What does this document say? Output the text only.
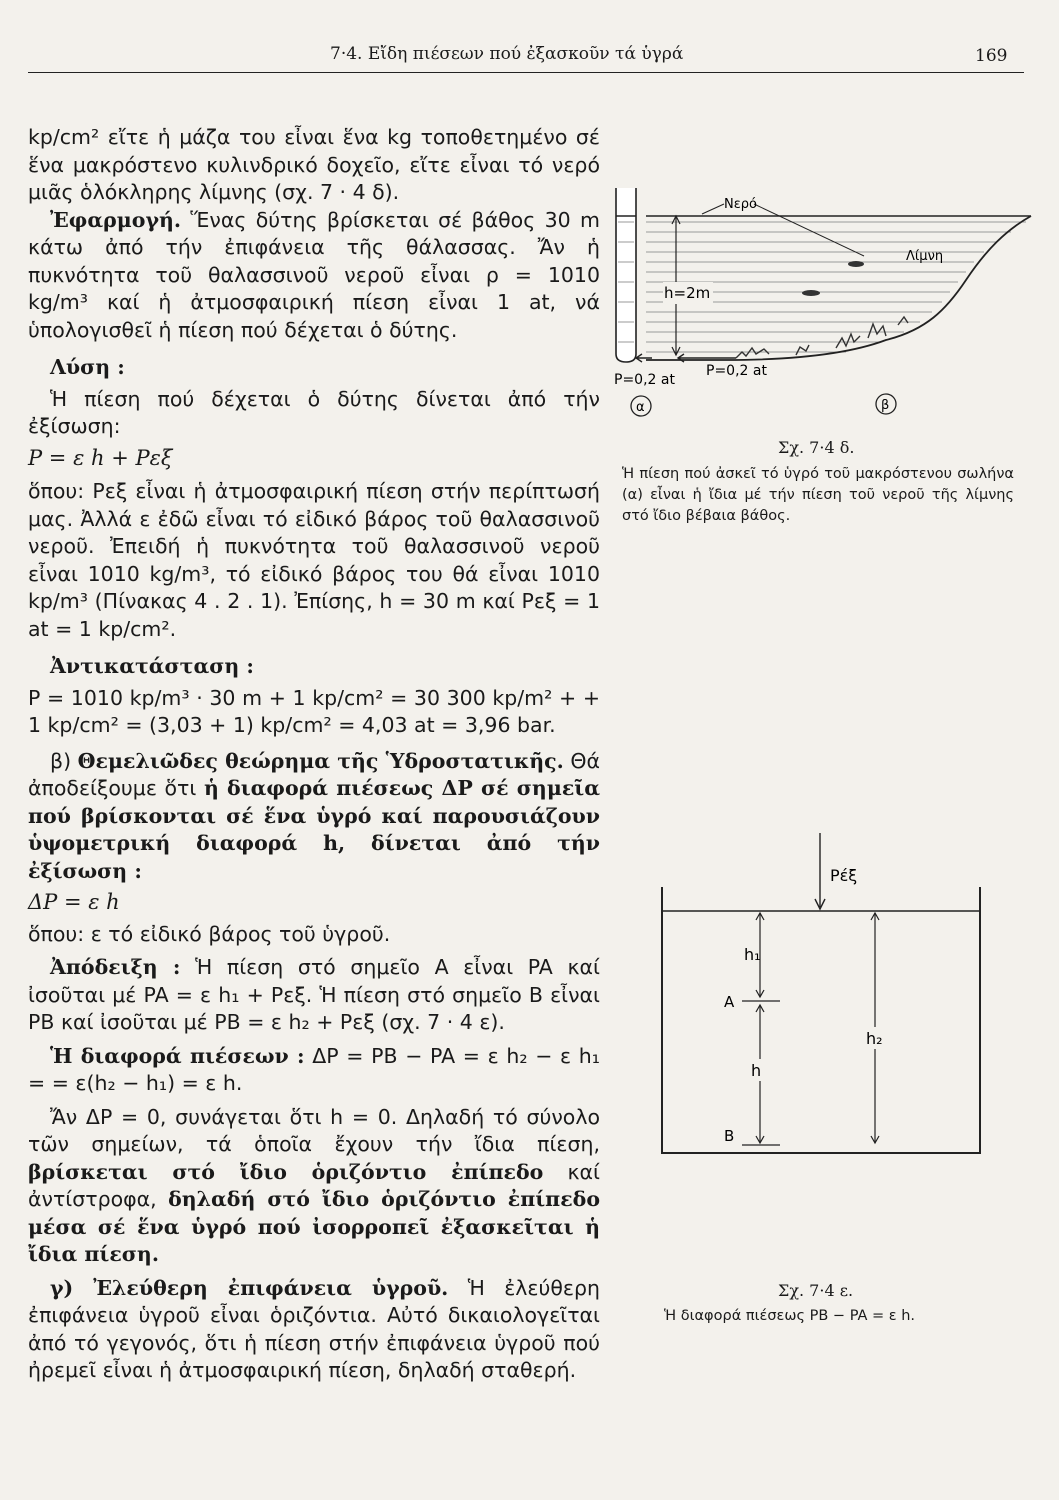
7·4. Εἴδη πιέσεων πού ἐξασκοῦν τά ὑγρά	169

kp/cm² εἴτε ἡ μάζα του εἶναι ἕνα kg τοποθετημένο σέ ἕνα μακρόστενο κυλινδρικό δοχεῖο, εἴτε εἶναι τό νερό μιᾶς ὁλόκληρης λίμνης (σχ. 7 · 4 δ).

Ἐφαρμογή. Ἕνας δύτης βρίσκεται σέ βάθος 30 m κάτω ἀπό τήν ἐπιφάνεια τῆς θάλασσας. Ἄν ἡ πυκνότητα τοῦ θαλασσινοῦ νεροῦ εἶναι ρ = 1010 kg/m³ καί ἡ ἀτμοσφαιρική πίεση εἶναι 1 at, νά ὑπολογισθεῖ ἡ πίεση πού δέχεται ὁ δύτης.

Λύση :

Ἡ πίεση πού δέχεται ὁ δύτης δίνεται ἀπό τήν ἐξίσωση:

P = ε h + Pεξ

ὅπου: Pεξ εἶναι ἡ ἀτμοσφαιρική πίεση στήν περίπτωσή μας. Ἀλλά ε ἐδῶ εἶναι τό εἰδικό βάρος τοῦ θαλασσινοῦ νεροῦ. Ἐπειδή ἡ πυκνότητα τοῦ θαλασσινοῦ νεροῦ εἶναι 1010 kg/m³, τό εἰδικό βάρος του θά εἶναι 1010 kp/m³ (Πίνακας 4 . 2 . 1). Ἐπίσης, h = 30 m καί Pεξ = 1 at = 1 kp/cm².

Ἀντικατάσταση :

P = 1010 kp/m³ · 30 m + 1 kp/cm² = 30 300 kp/m² + + 1 kp/cm² = (3,03 + 1) kp/cm² = 4,03 at = 3,96 bar.

β) Θεμελιῶδες θεώρημα τῆς Ὑδροστατικῆς. Θά ἀποδείξουμε ὅτι ἡ διαφορά πιέσεως ΔP σέ σημεῖα πού βρίσκονται σέ ἕνα ὑγρό καί παρουσιάζουν ὑψομετρική διαφορά h, δίνεται ἀπό τήν ἐξίσωση :

ΔP = ε h

ὅπου: ε τό εἰδικό βάρος τοῦ ὑγροῦ.

Ἀπόδειξη : Ἡ πίεση στό σημεῖο Α εἶναι PA καί ἰσοῦται μέ PA = ε h₁ + Pεξ. Ἡ πίεση στό σημεῖο Β εἶναι PB καί ἰσοῦται μέ PB = ε h₂ + Pεξ (σχ. 7 · 4 ε).

Ἡ διαφορά πιέσεων : ΔP = PB − PA = ε h₂ − ε h₁ = = ε(h₂ − h₁) = ε h.

Ἄν ΔP = 0, συνάγεται ὅτι h = 0. Δηλαδή τό σύνολο τῶν σημείων, τά ὁποῖα ἔχουν τήν ἴδια πίεση, βρίσκεται στό ἴδιο ὁριζόντιο ἐπίπεδο καί ἀντίστροφα, δηλαδή στό ἴδιο ὁριζόντιο ἐπίπεδο μέσα σέ ἕνα ὑγρό πού ἰσορροπεῖ ἐξασκεῖται ἡ ἴδια πίεση.

γ) Ἐλεύθερη ἐπιφάνεια ὑγροῦ. Ἡ ἐλεύθερη ἐπιφάνεια ὑγροῦ εἶναι ὁριζόντια. Αὐτό δικαιολογεῖται ἀπό τό γεγονός, ὅτι ἡ πίεση στήν ἐπιφάνεια ὑγροῦ πού ἠρεμεῖ εἶναι ἡ ἀτμοσφαιρική πίεση, δηλαδή σταθερή.

Νερό
Λίμνη
h=2m
P=0,2 at
P=0,2 at
α	β
Σχ. 7·4 δ.
Ἡ πίεση πού ἀσκεῖ τό ὑγρό τοῦ μακρόστενου σωλήνα (α) εἶναι ἡ ἴδια μέ τήν πίεση τοῦ νεροῦ τῆς λίμνης στό ἴδιο βέβαια βάθος.
Pέξ
h₁
A
h
B
h₂
Σχ. 7·4 ε.
Ἡ διαφορά πιέσεως PB − PA = ε h.
